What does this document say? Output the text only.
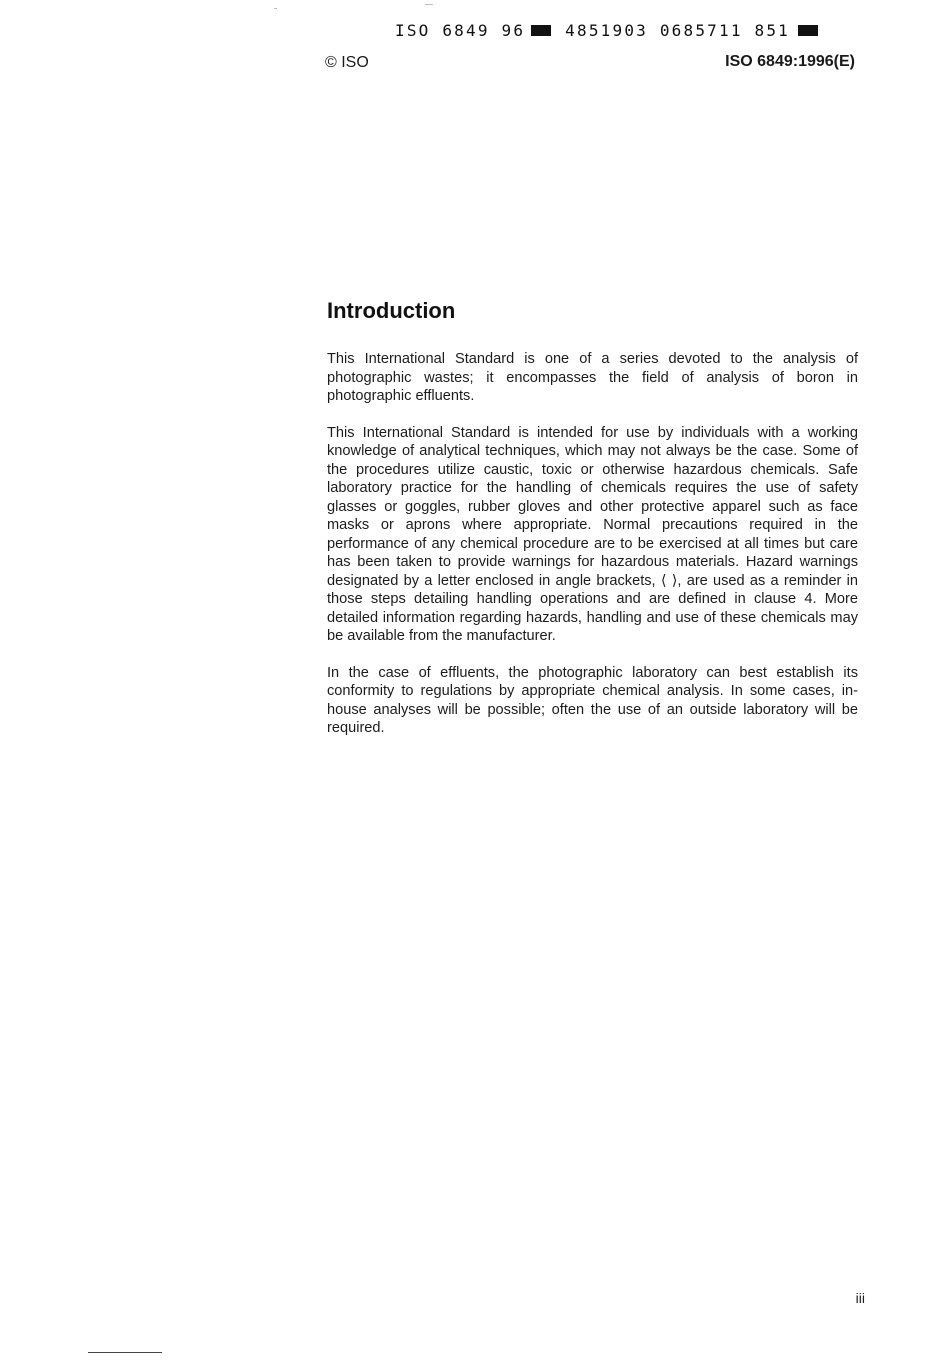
ISO 6849 96	4851903 0685711 851
© ISO	ISO 6849:1996(E)
Introduction

This International Standard is one of a series devoted to the analysis of photographic wastes; it encompasses the field of analysis of boron in photographic effluents.

This International Standard is intended for use by individuals with a working knowledge of analytical techniques, which may not always be the case. Some of the procedures utilize caustic, toxic or otherwise hazardous chemicals. Safe laboratory practice for the handling of chemicals requires the use of safety glasses or goggles, rubber gloves and other protective apparel such as face masks or aprons where appropriate. Normal precautions required in the performance of any chemical procedure are to be exercised at all times but care has been taken to provide warnings for hazardous materials. Hazard warnings designated by a letter enclosed in angle brackets, ⟨ ⟩, are used as a reminder in those steps detailing handling operations and are defined in clause 4. More detailed information regarding hazards, handling and use of these chemicals may be available from the manufacturer.

In the case of effluents, the photographic laboratory can best establish its conformity to regulations by appropriate chemical analysis. In some cases, in-house analyses will be possible; often the use of an outside laboratory will be required.

iii
